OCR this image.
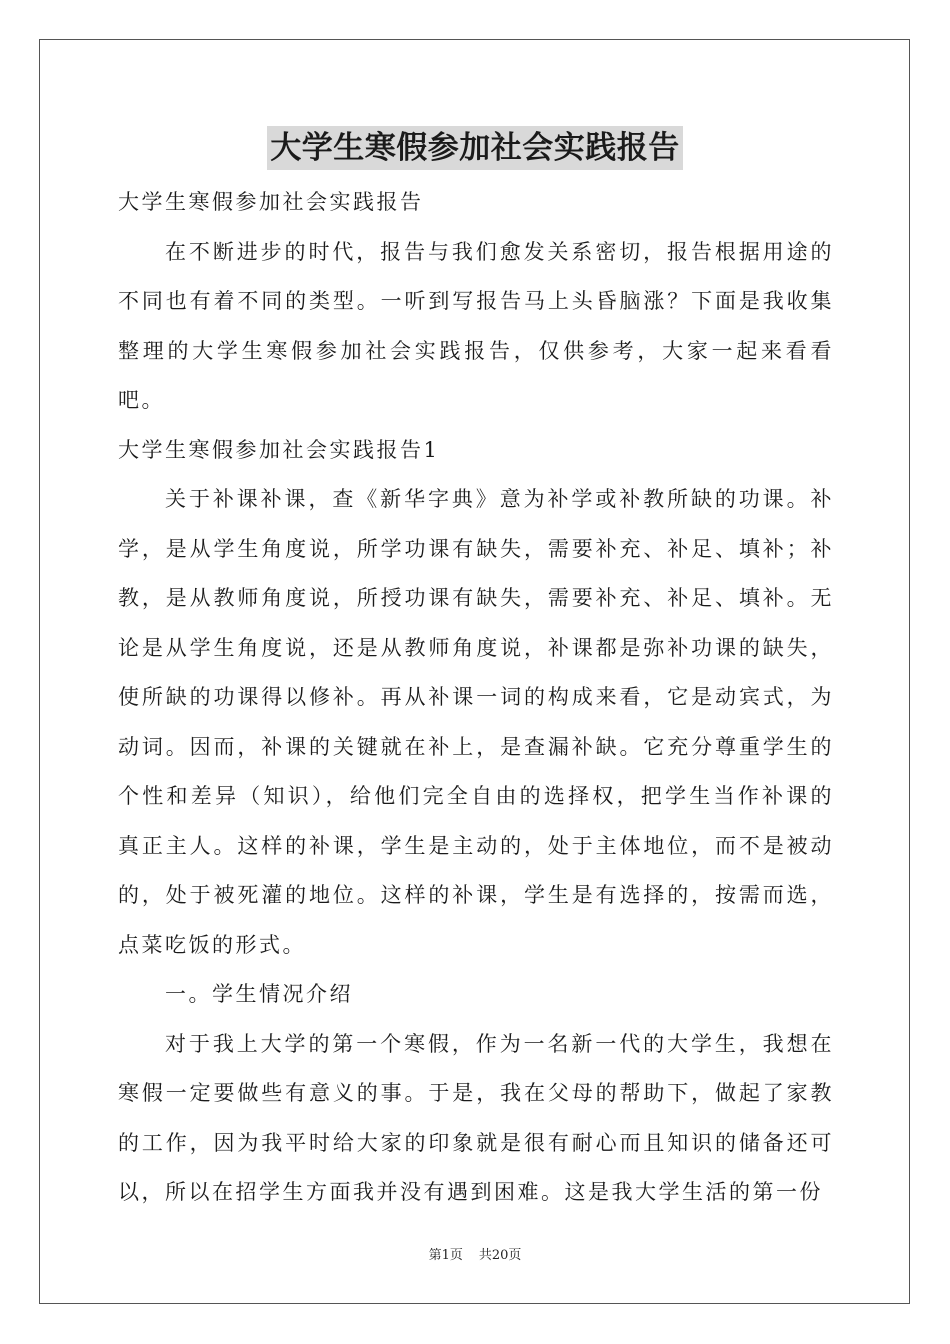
大学生寒假参加社会实践报告

大学生寒假参加社会实践报告

在不断进步的时代，报告与我们愈发关系密切，报告根据用途的不同也有着不同的类型。一听到写报告马上头昏脑涨？下面是我收集整理的大学生寒假参加社会实践报告，仅供参考，大家一起来看看吧。

大学生寒假参加社会实践报告1

关于补课补课，查《新华字典》意为补学或补教所缺的功课。补学，是从学生角度说，所学功课有缺失，需要补充、补足、填补；补教，是从教师角度说，所授功课有缺失，需要补充、补足、填补。无论是从学生角度说，还是从教师角度说，补课都是弥补功课的缺失，使所缺的功课得以修补。再从补课一词的构成来看，它是动宾式，为动词。因而，补课的关键就在补上，是查漏补缺。它充分尊重学生的个性和差异（知识），给他们完全自由的选择权，把学生当作补课的真正主人。这样的补课，学生是主动的，处于主体地位，而不是被动的，处于被死灌的地位。这样的补课，学生是有选择的，按需而选，点菜吃饭的形式。

一。学生情况介绍

对于我上大学的第一个寒假，作为一名新一代的大学生，我想在寒假一定要做些有意义的事。于是，我在父母的帮助下，做起了家教的工作，因为我平时给大家的印象就是很有耐心而且知识的储备还可以，所以在招学生方面我并没有遇到困难。这是我大学生活的第一份

第1页 共20页
